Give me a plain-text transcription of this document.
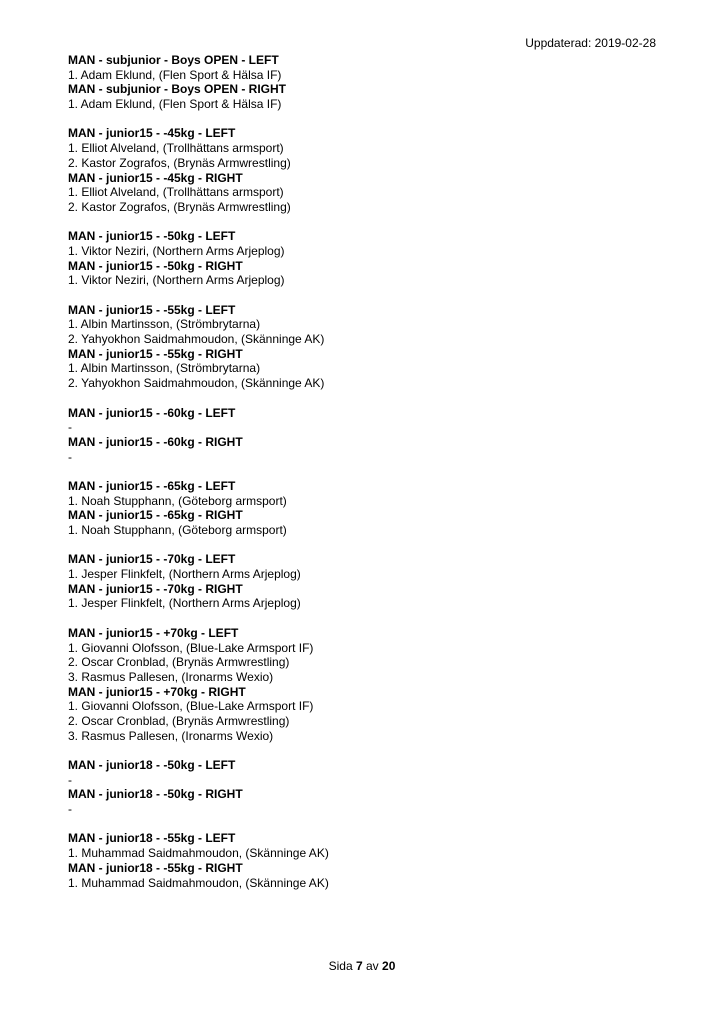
Uppdaterad: 2019-02-28
MAN - subjunior - Boys OPEN - LEFT
1. Adam Eklund, (Flen Sport & Hälsa IF)
MAN - subjunior - Boys OPEN - RIGHT
1. Adam Eklund, (Flen Sport & Hälsa IF)
MAN - junior15 - -45kg - LEFT
1. Elliot Alveland, (Trollhättans armsport)
2. Kastor Zografos, (Brynäs Armwrestling)
MAN - junior15 - -45kg - RIGHT
1. Elliot Alveland, (Trollhättans armsport)
2. Kastor Zografos, (Brynäs Armwrestling)
MAN - junior15 - -50kg - LEFT
1. Viktor Neziri, (Northern Arms Arjeplog)
MAN - junior15 - -50kg - RIGHT
1. Viktor Neziri, (Northern Arms Arjeplog)
MAN - junior15 - -55kg - LEFT
1. Albin Martinsson, (Strömbrytarna)
2. Yahyokhon Saidmahmoudon, (Skänninge AK)
MAN - junior15 - -55kg - RIGHT
1. Albin Martinsson, (Strömbrytarna)
2. Yahyokhon Saidmahmoudon, (Skänninge AK)
MAN - junior15 - -60kg - LEFT
-
MAN - junior15 - -60kg - RIGHT
-
MAN - junior15 - -65kg - LEFT
1. Noah Stupphann, (Göteborg armsport)
MAN - junior15 - -65kg - RIGHT
1. Noah Stupphann, (Göteborg armsport)
MAN - junior15 - -70kg - LEFT
1. Jesper Flinkfelt, (Northern Arms Arjeplog)
MAN - junior15 - -70kg - RIGHT
1. Jesper Flinkfelt, (Northern Arms Arjeplog)
MAN - junior15 - +70kg - LEFT
1. Giovanni Olofsson, (Blue-Lake Armsport IF)
2. Oscar Cronblad, (Brynäs Armwrestling)
3. Rasmus Pallesen, (Ironarms Wexio)
MAN - junior15 - +70kg - RIGHT
1. Giovanni Olofsson, (Blue-Lake Armsport IF)
2. Oscar Cronblad, (Brynäs Armwrestling)
3. Rasmus Pallesen, (Ironarms Wexio)
MAN - junior18 - -50kg - LEFT
-
MAN - junior18 - -50kg - RIGHT
-
MAN - junior18 - -55kg - LEFT
1. Muhammad Saidmahmoudon, (Skänninge AK)
MAN - junior18 - -55kg - RIGHT
1. Muhammad Saidmahmoudon, (Skänninge AK)
Sida 7 av 20
